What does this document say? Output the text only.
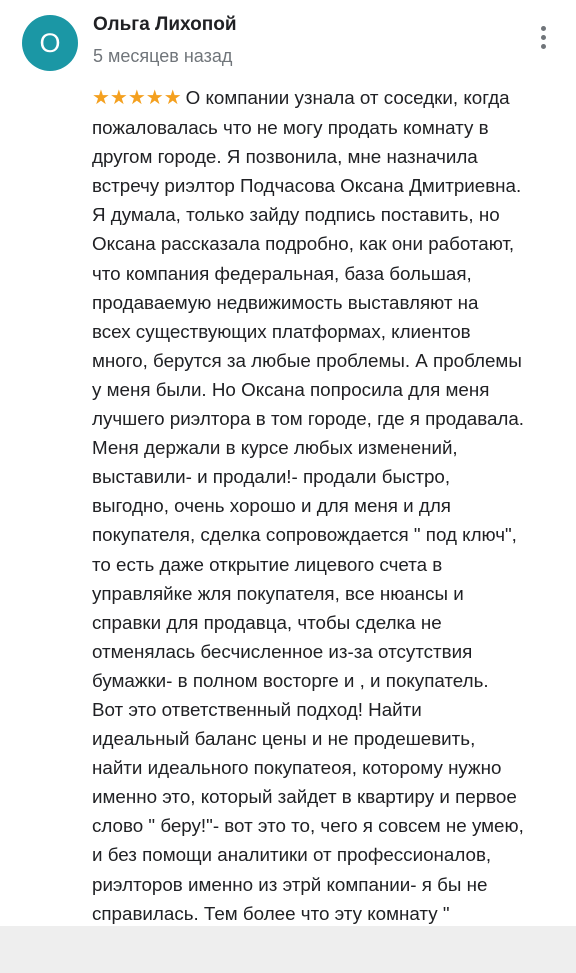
О
Ольга Лихопой
5 месяцев назад
★★★★★ О компании узнала от соседки, когда
пожаловалась что не могу продать комнату в
другом городе. Я позвонила, мне назначила
встречу риэлтор Подчасова Оксана Дмитриевна.
Я думала, только зайду подпись поставить, но
Оксана рассказала подробно, как они работают,
что компания федеральная, база большая,
продаваемую недвижимость выставляют на
всех существующих платформах, клиентов
много, берутся за любые проблемы. А проблемы
у меня были. Но Оксана попросила для меня
лучшего риэлтора в том городе, где я продавала.
Меня держали в курсе любых изменений,
выставили- и продали!- продали быстро,
выгодно, очень хорошо и для меня и для
покупателя, сделка сопровождается " под ключ",
то есть даже открытие лицевого счета в
управляйке жля покупателя, все нюансы и
справки для продавца, чтобы сделка не
отменялась бесчисленное из-за отсутствия
бумажки- в полном восторге и , и покупатель.
Вот это ответственный подход! Найти
идеальный баланс цены и не продешевить,
найти идеального покупатеоя, которому нужно
именно это, который зайдет в квартиру и первое
слово " беру!"- вот это то, чего я совсем не умею,
и без помощи аналитики от профессионалов,
риэлторов именно из этрй компании- я бы не
справилась. Тем более что эту комнату "
